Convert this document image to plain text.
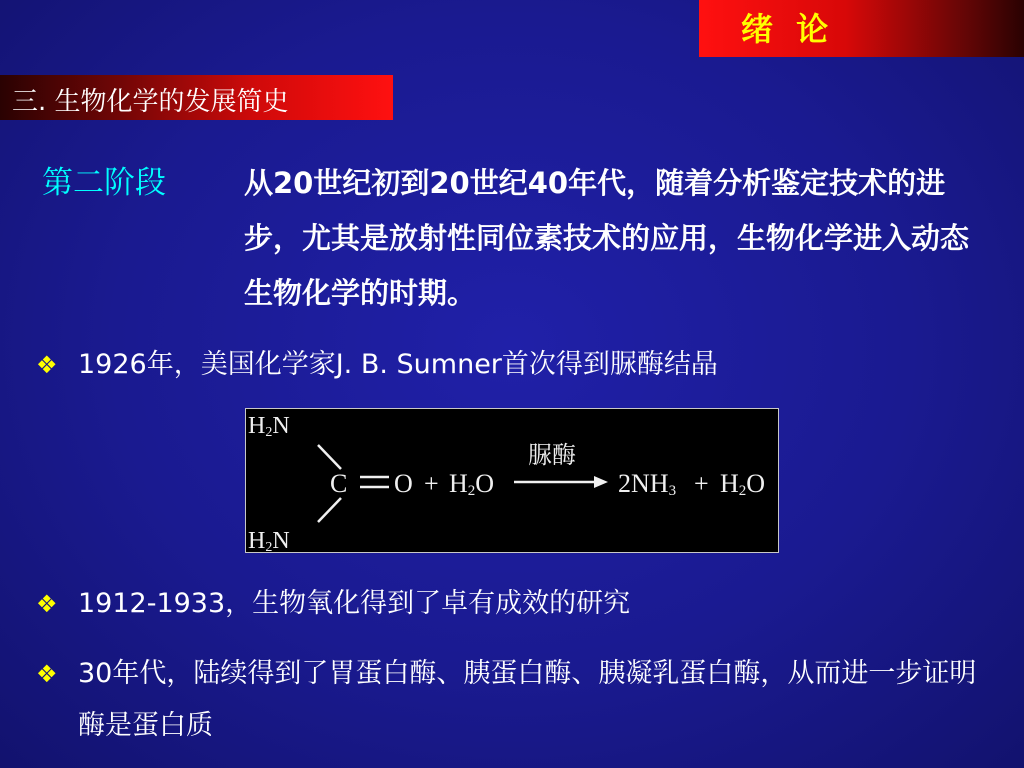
绪 论
三. 生物化学的发展简史
第二阶段	从20世纪初到20世纪40年代，随着分析鉴定技术的进步，尤其是放射性同位素技术的应用，生物化学进入动态生物化学的时期。
❖ 1926年，美国化学家J. B. Sumner首次得到脲酶结晶
H2N
H2N
C O + H2O
脲酶
2NH3 + H2O
❖ 1912-1933，生物氧化得到了卓有成效的研究
❖ 30年代，陆续得到了胃蛋白酶、胰蛋白酶、胰凝乳蛋白酶，从而进一步证明酶是蛋白质
